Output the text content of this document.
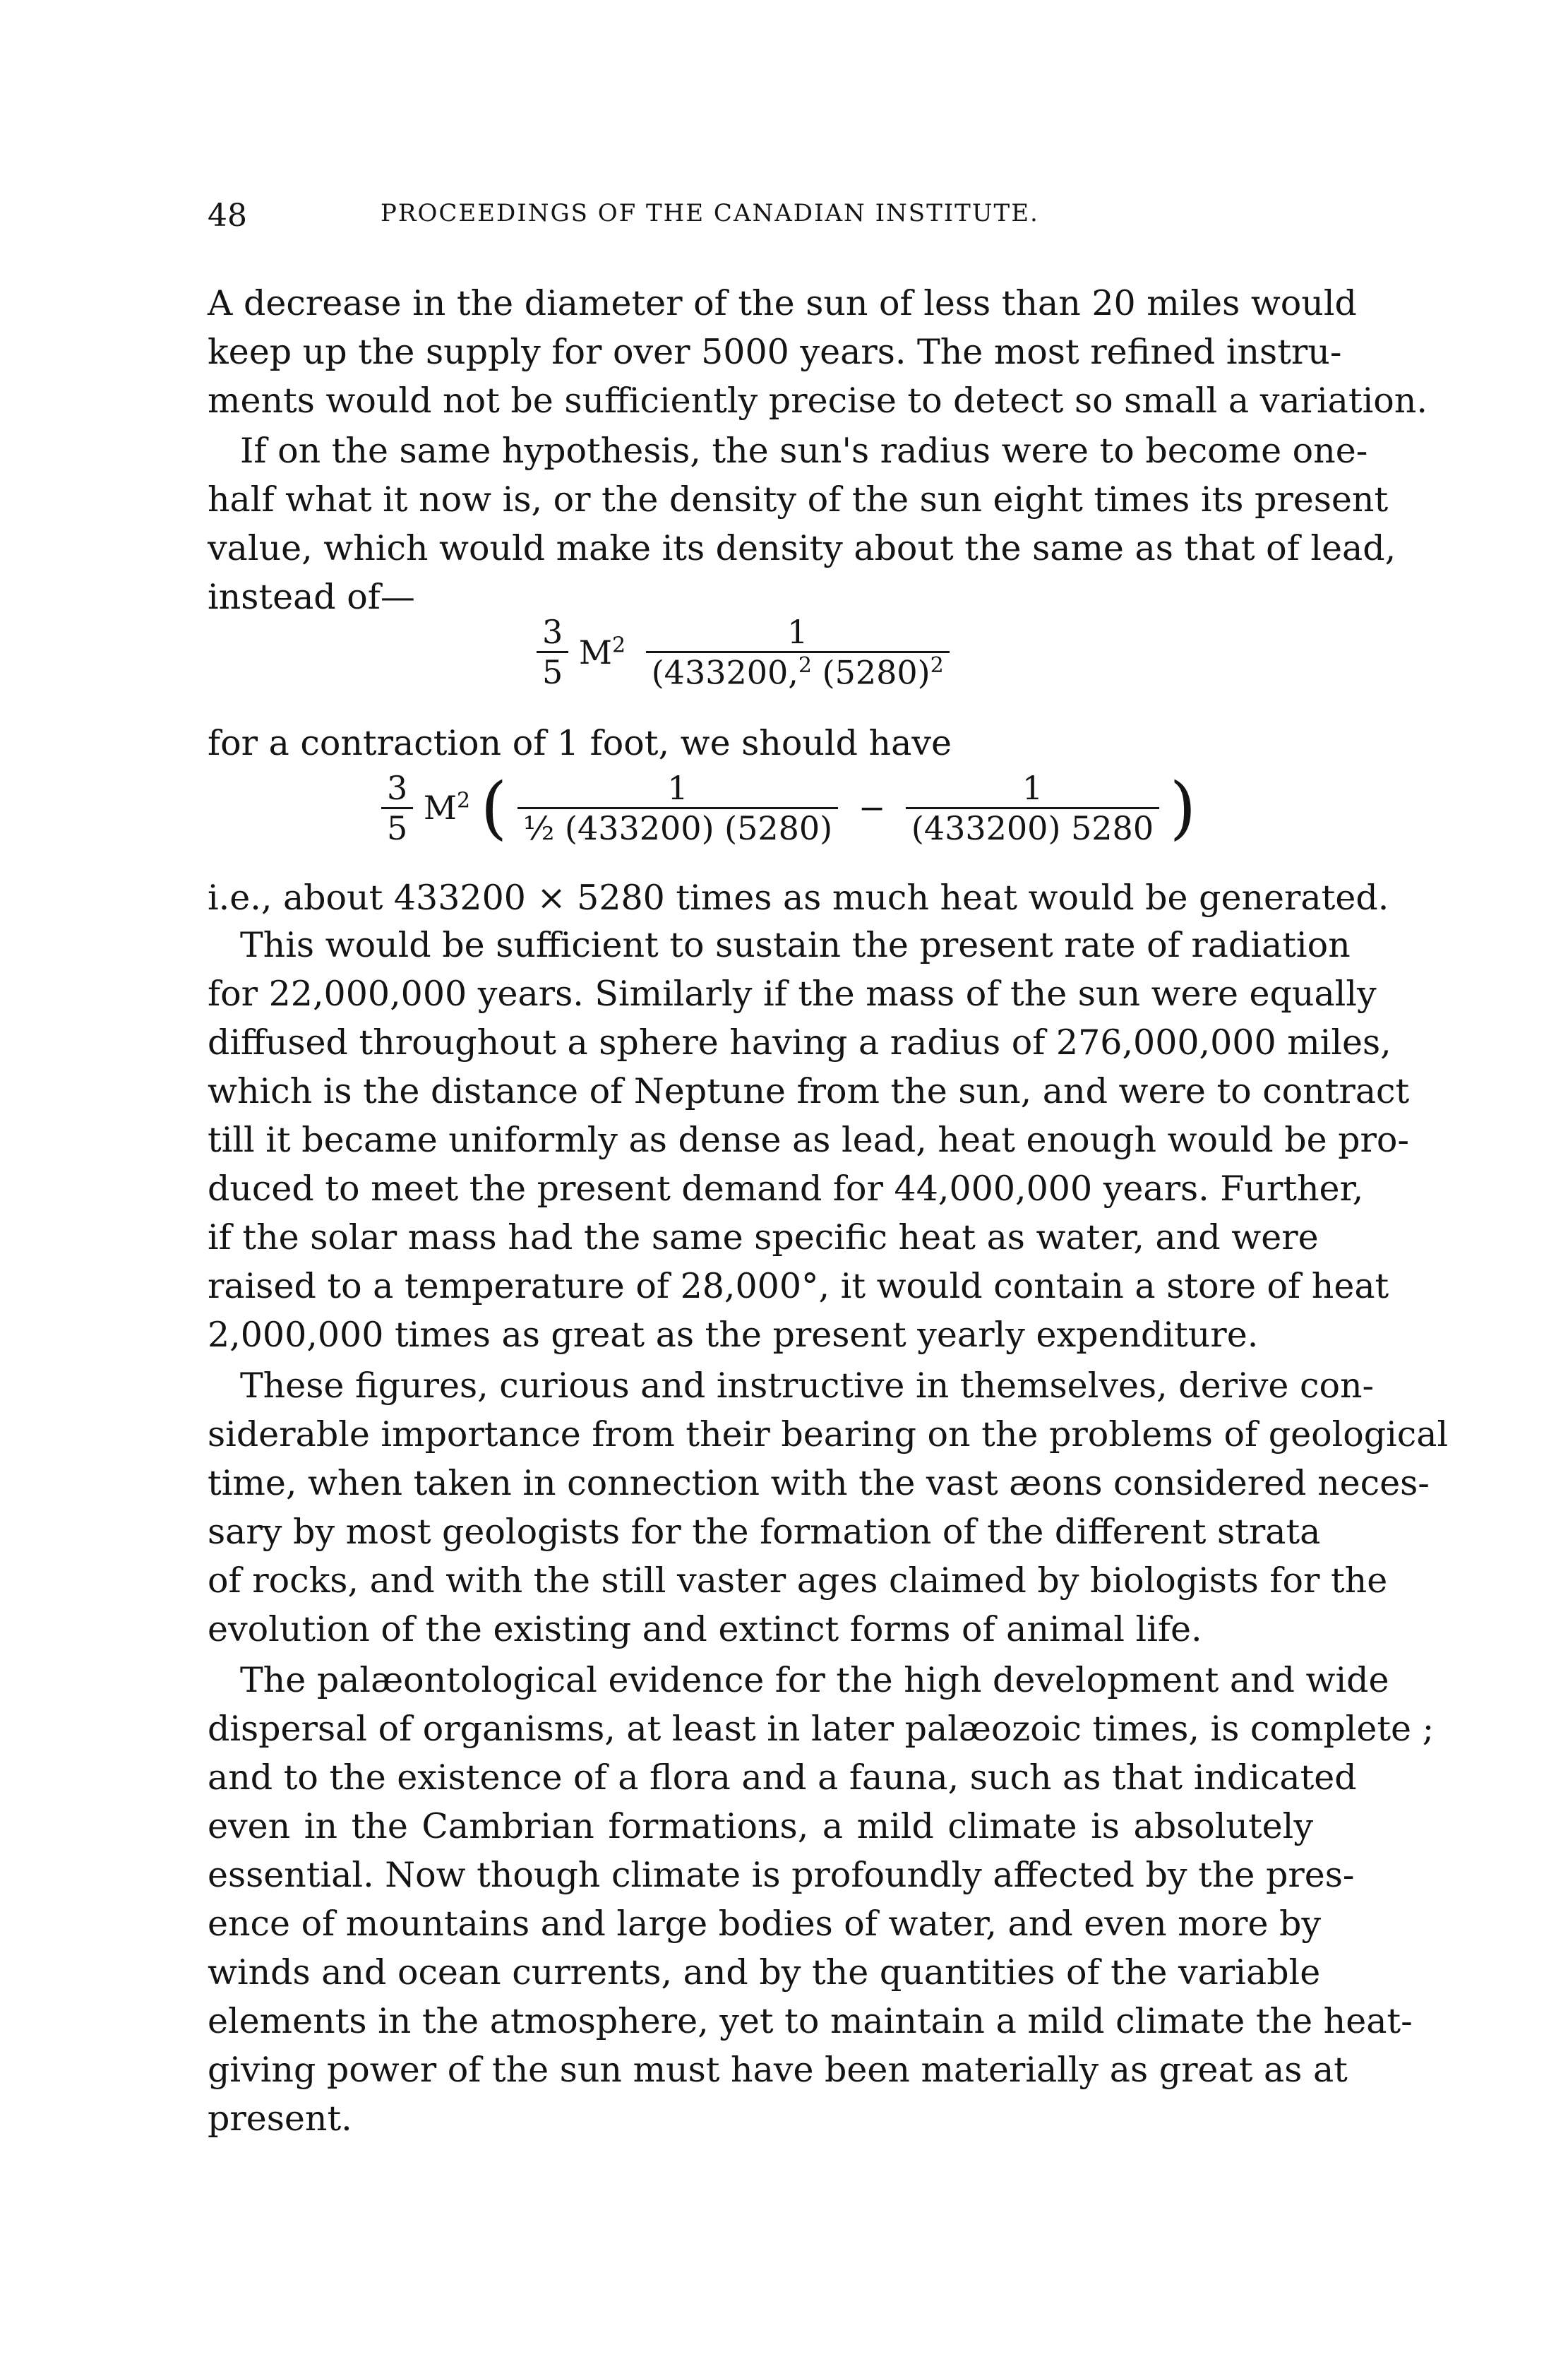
48	PROCEEDINGS OF THE CANADIAN INSTITUTE.
A decrease in the diameter of the sun of less than 20 miles would
keep up the supply for over 5000 years. The most refined instru-
ments would not be sufficiently precise to detect so small a variation.
If on the same hypothesis, the sun's radius were to become one-
half what it now is, or the density of the sun eight times its present
value, which would make its density about the same as that of lead,
instead of—
$\frac{3}{5} M^2 \frac{1}{(433200,^2 (5280)^2}$
for a contraction of 1 foot, we should have
$\frac{3}{5} M^2$ ( $\frac{1}{\text{½ (433200) (5280)}} - \frac{1}{(433200) 5280}$ )
i.e., about 433200 × 5280 times as much heat would be generated.
This would be sufficient to sustain the present rate of radiation
for 22,000,000 years. Similarly if the mass of the sun were equally
diffused throughout a sphere having a radius of 276,000,000 miles,
which is the distance of Neptune from the sun, and were to contract
till it became uniformly as dense as lead, heat enough would be pro-
duced to meet the present demand for 44,000,000 years. Further,
if the solar mass had the same specific heat as water, and were
raised to a temperature of 28,000°, it would contain a store of heat
2,000,000 times as great as the present yearly expenditure.
These figures, curious and instructive in themselves, derive con-
siderable importance from their bearing on the problems of geological
time, when taken in connection with the vast æons considered neces-
sary by most geologists for the formation of the different strata
of rocks, and with the still vaster ages claimed by biologists for the
evolution of the existing and extinct forms of animal life.
The palæontological evidence for the high development and wide
dispersal of organisms, at least in later palæozoic times, is complete ;
and to the existence of a flora and a fauna, such as that indicated
even in the Cambrian formations, a mild climate is absolutely
essential. Now though climate is profoundly affected by the pres-
ence of mountains and large bodies of water, and even more by
winds and ocean currents, and by the quantities of the variable
elements in the atmosphere, yet to maintain a mild climate the heat-
giving power of the sun must have been materially as great as at
present.
